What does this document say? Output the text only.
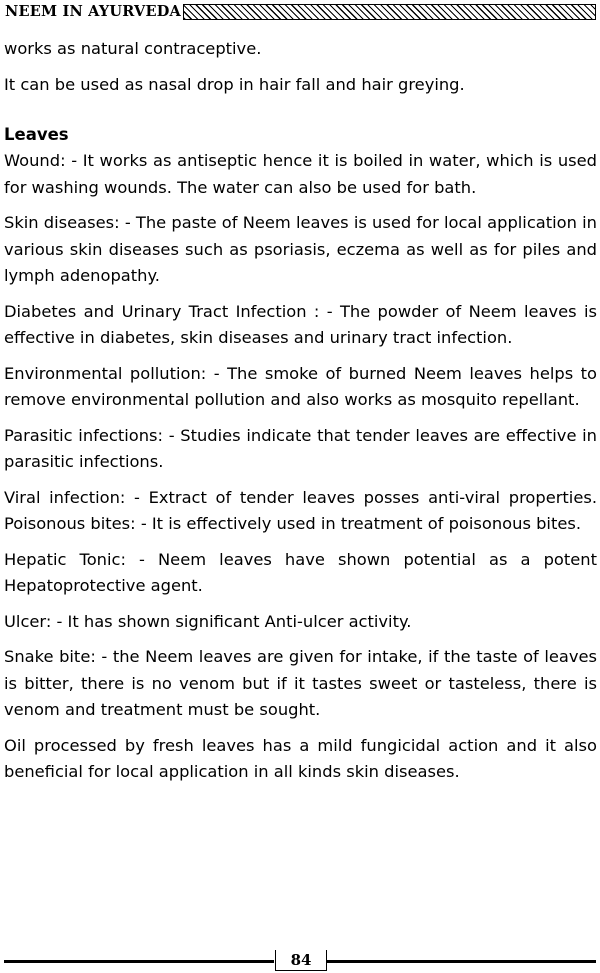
NEEM IN AYURVEDA

works as natural contraceptive.

It can be used as nasal drop in hair fall and hair greying.

Leaves

Wound: - It works as antiseptic hence it is boiled in water, which is used for washing wounds. The water can also be used for bath.

Skin diseases: - The paste of Neem leaves is used for local application in various skin diseases such as psoriasis, eczema as well as for piles and lymph adenopathy.

Diabetes and Urinary Tract Infection : - The powder of Neem leaves is effective in diabetes, skin diseases and urinary tract infection.

Environmental pollution: - The smoke of burned Neem leaves helps to remove environmental pollution and also works as mosquito repellant.

Parasitic infections: - Studies indicate that tender leaves are effective in parasitic infections.

Viral infection: - Extract of tender leaves posses anti-viral properties. Poisonous bites: - It is effectively used in treatment of poisonous bites.

Hepatic Tonic: - Neem leaves have shown potential as a potent Hepatoprotective agent.

Ulcer: - It has shown significant Anti-ulcer activity.

Snake bite: - the Neem leaves are given for intake, if the taste of leaves is bitter, there is no venom but if it tastes sweet or tasteless, there is venom and treatment must be sought.

Oil processed by fresh leaves has a mild fungicidal action and it also beneficial for local application in all kinds skin diseases.

84
